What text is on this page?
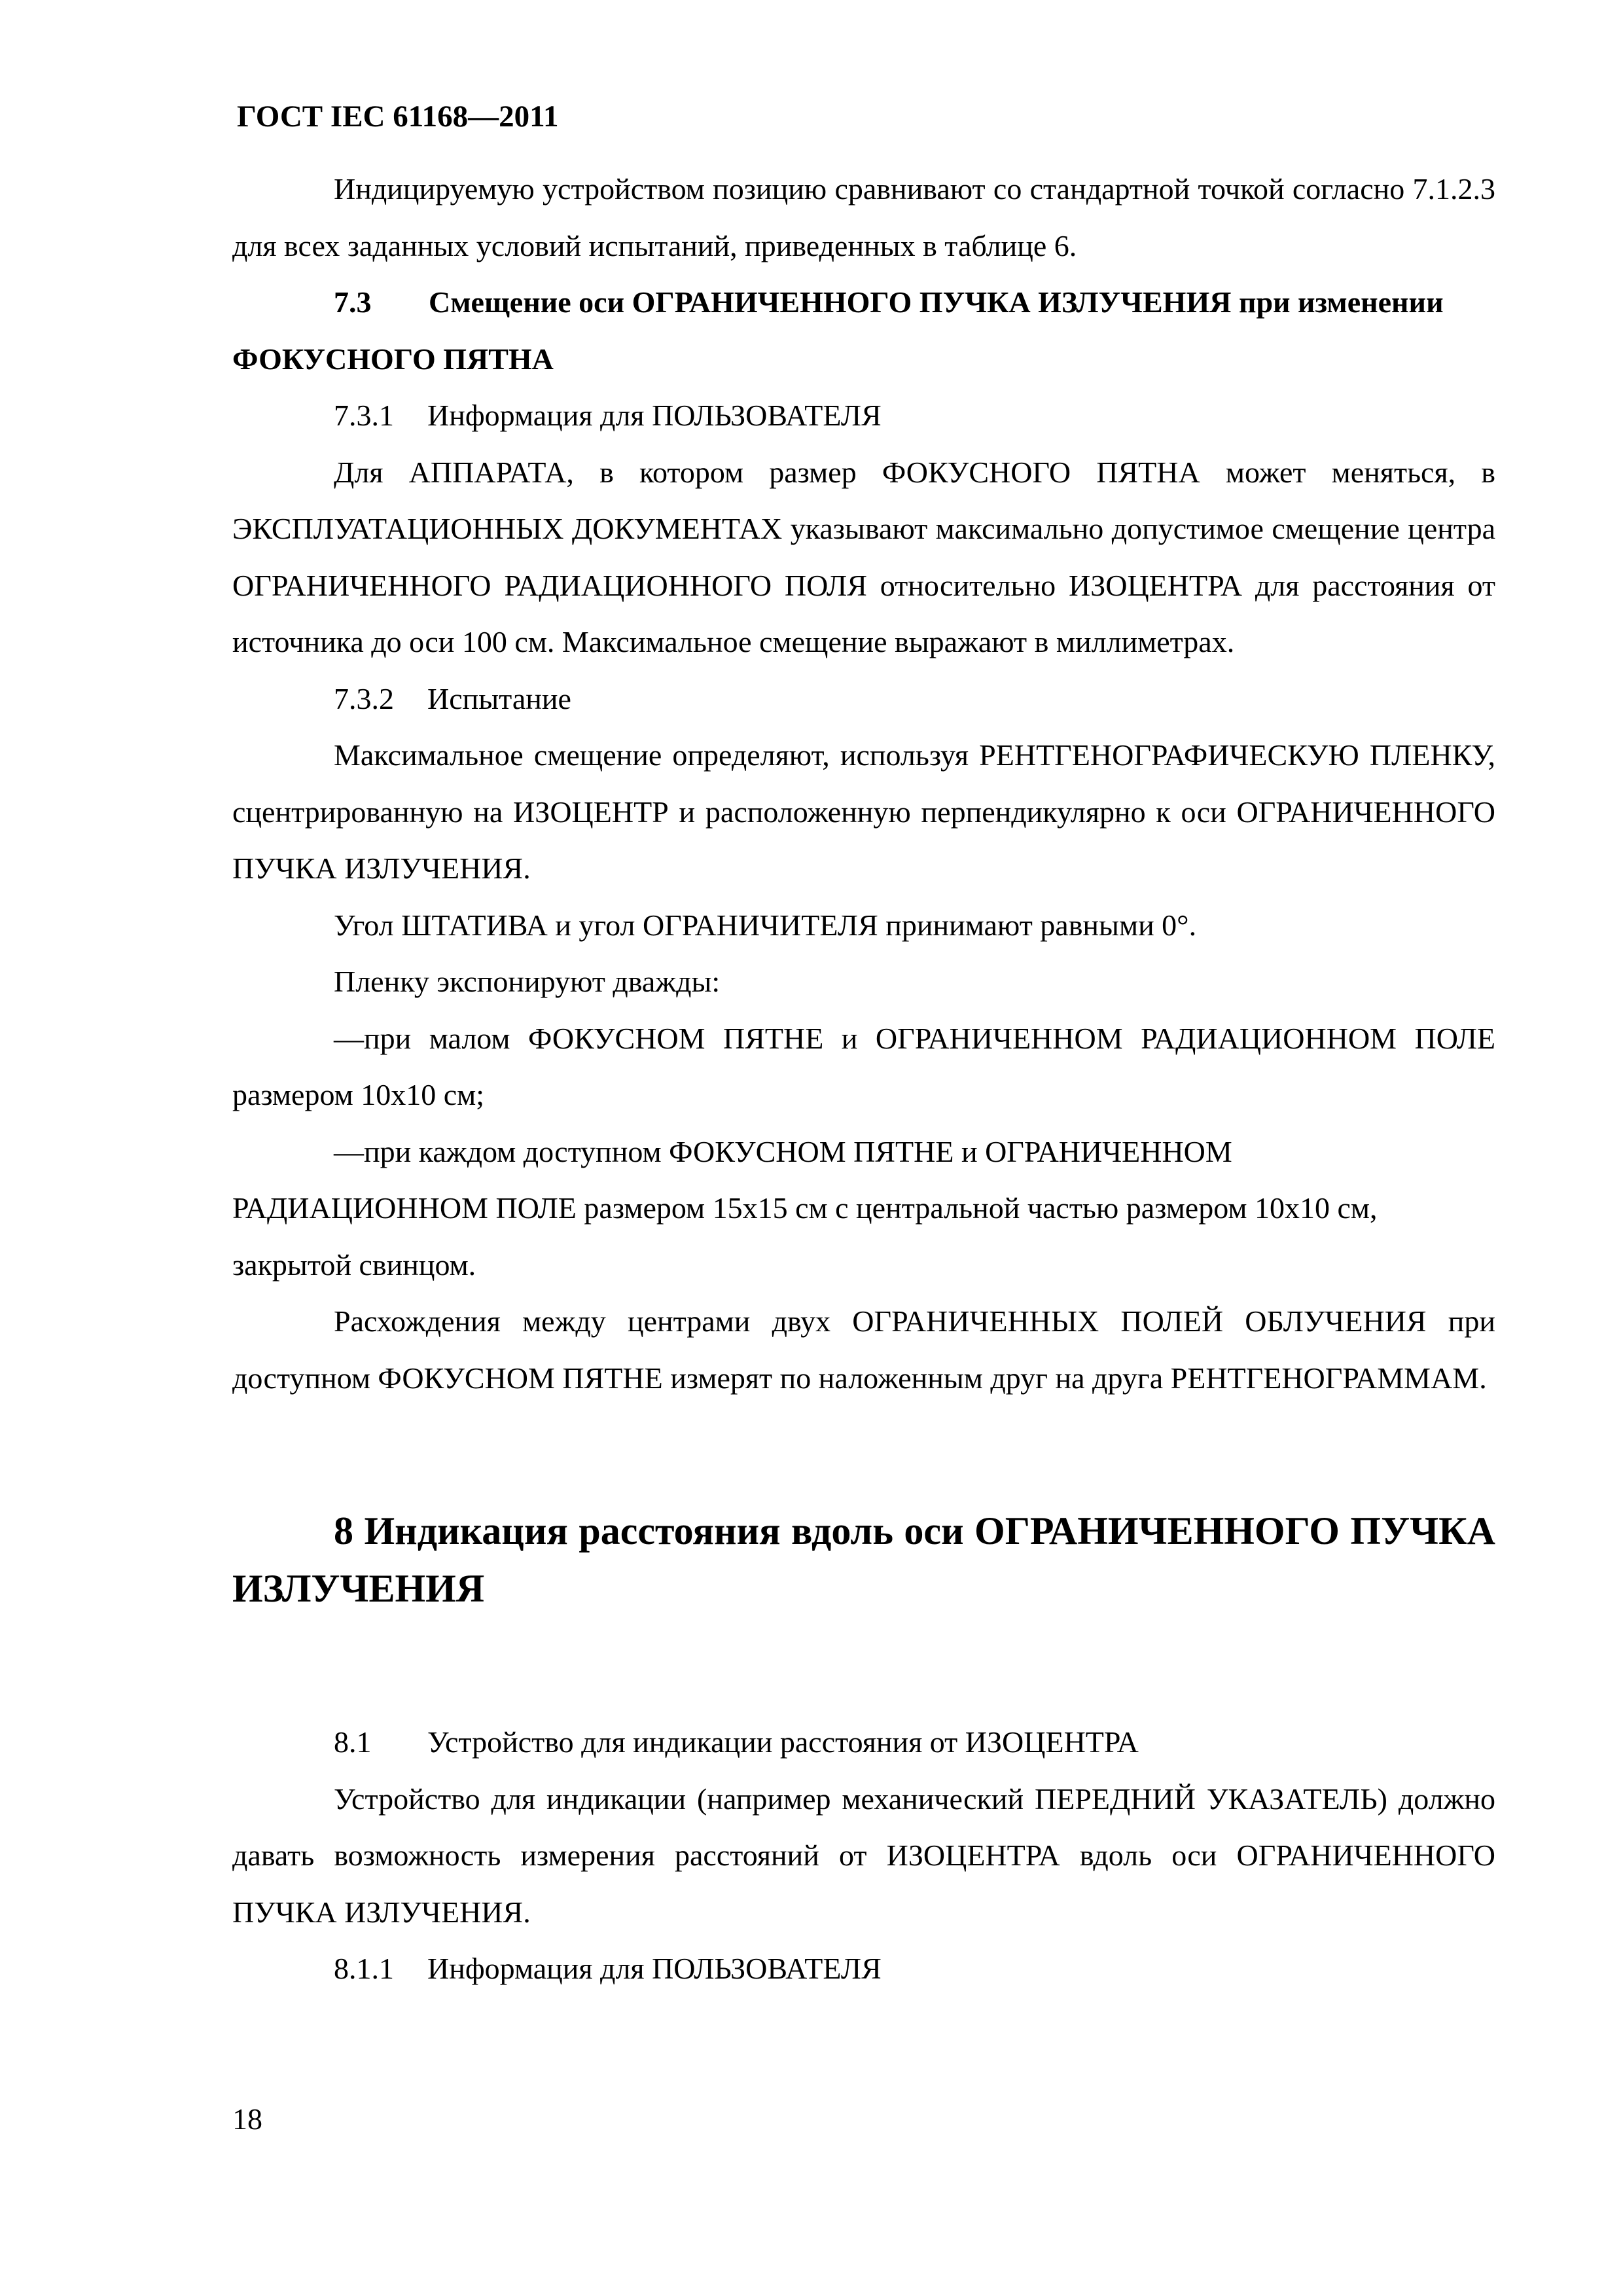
ГОСТ IEC 61168—2011

Индицируемую устройством позицию сравнивают со стандартной точкой согласно 7.1.2.3 для всех заданных условий испытаний, приведенных в таблице 6.

7.3 Смещение оси ОГРАНИЧЕННОГО ПУЧКА ИЗЛУЧЕНИЯ при изменении ФОКУСНОГО ПЯТНА

7.3.1 Информация для ПОЛЬЗОВАТЕЛЯ

Для АППАРАТА, в котором размер ФОКУСНОГО ПЯТНА может меняться, в ЭКСПЛУАТАЦИОННЫХ ДОКУМЕНТАХ указывают максимально допустимое смещение центра ОГРАНИЧЕННОГО РАДИАЦИОННОГО ПОЛЯ относительно ИЗОЦЕНТРА для расстояния от источника до оси 100 см. Максимальное смещение выражают в миллиметрах.

7.3.2 Испытание

Максимальное смещение определяют, используя РЕНТГЕНОГРАФИЧЕСКУЮ ПЛЕНКУ, сцентрированную на ИЗОЦЕНТР и расположенную перпендикулярно к оси ОГРАНИЧЕННОГО ПУЧКА ИЗЛУЧЕНИЯ.

Угол ШТАТИВА и угол ОГРАНИЧИТЕЛЯ принимают равными 0°.

Пленку экспонируют дважды:

—при малом ФОКУСНОМ ПЯТНЕ и ОГРАНИЧЕННОМ РАДИАЦИОННОМ ПОЛЕ размером 10x10 см;

—при каждом доступном ФОКУСНОМ ПЯТНЕ и ОГРАНИЧЕННОМ

РАДИАЦИОННОМ ПОЛЕ размером 15x15 см с центральной частью размером 10x10 см, закрытой свинцом.

Расхождения между центрами двух ОГРАНИЧЕННЫХ ПОЛЕЙ ОБЛУЧЕНИЯ при доступном ФОКУСНОМ ПЯТНЕ измерят по наложенным друг на друга РЕНТГЕНОГРАММАМ.

8 Индикация расстояния вдоль оси ОГРАНИЧЕННОГО ПУЧКА
ИЗЛУЧЕНИЯ

8.1 Устройство для индикации расстояния от ИЗОЦЕНТРА

Устройство для индикации (например механический ПЕРЕДНИЙ УКАЗАТЕЛЬ) должно давать возможность измерения расстояний от ИЗОЦЕНТРА вдоль оси ОГРАНИЧЕННОГО ПУЧКА ИЗЛУЧЕНИЯ.

8.1.1 Информация для ПОЛЬЗОВАТЕЛЯ

18
